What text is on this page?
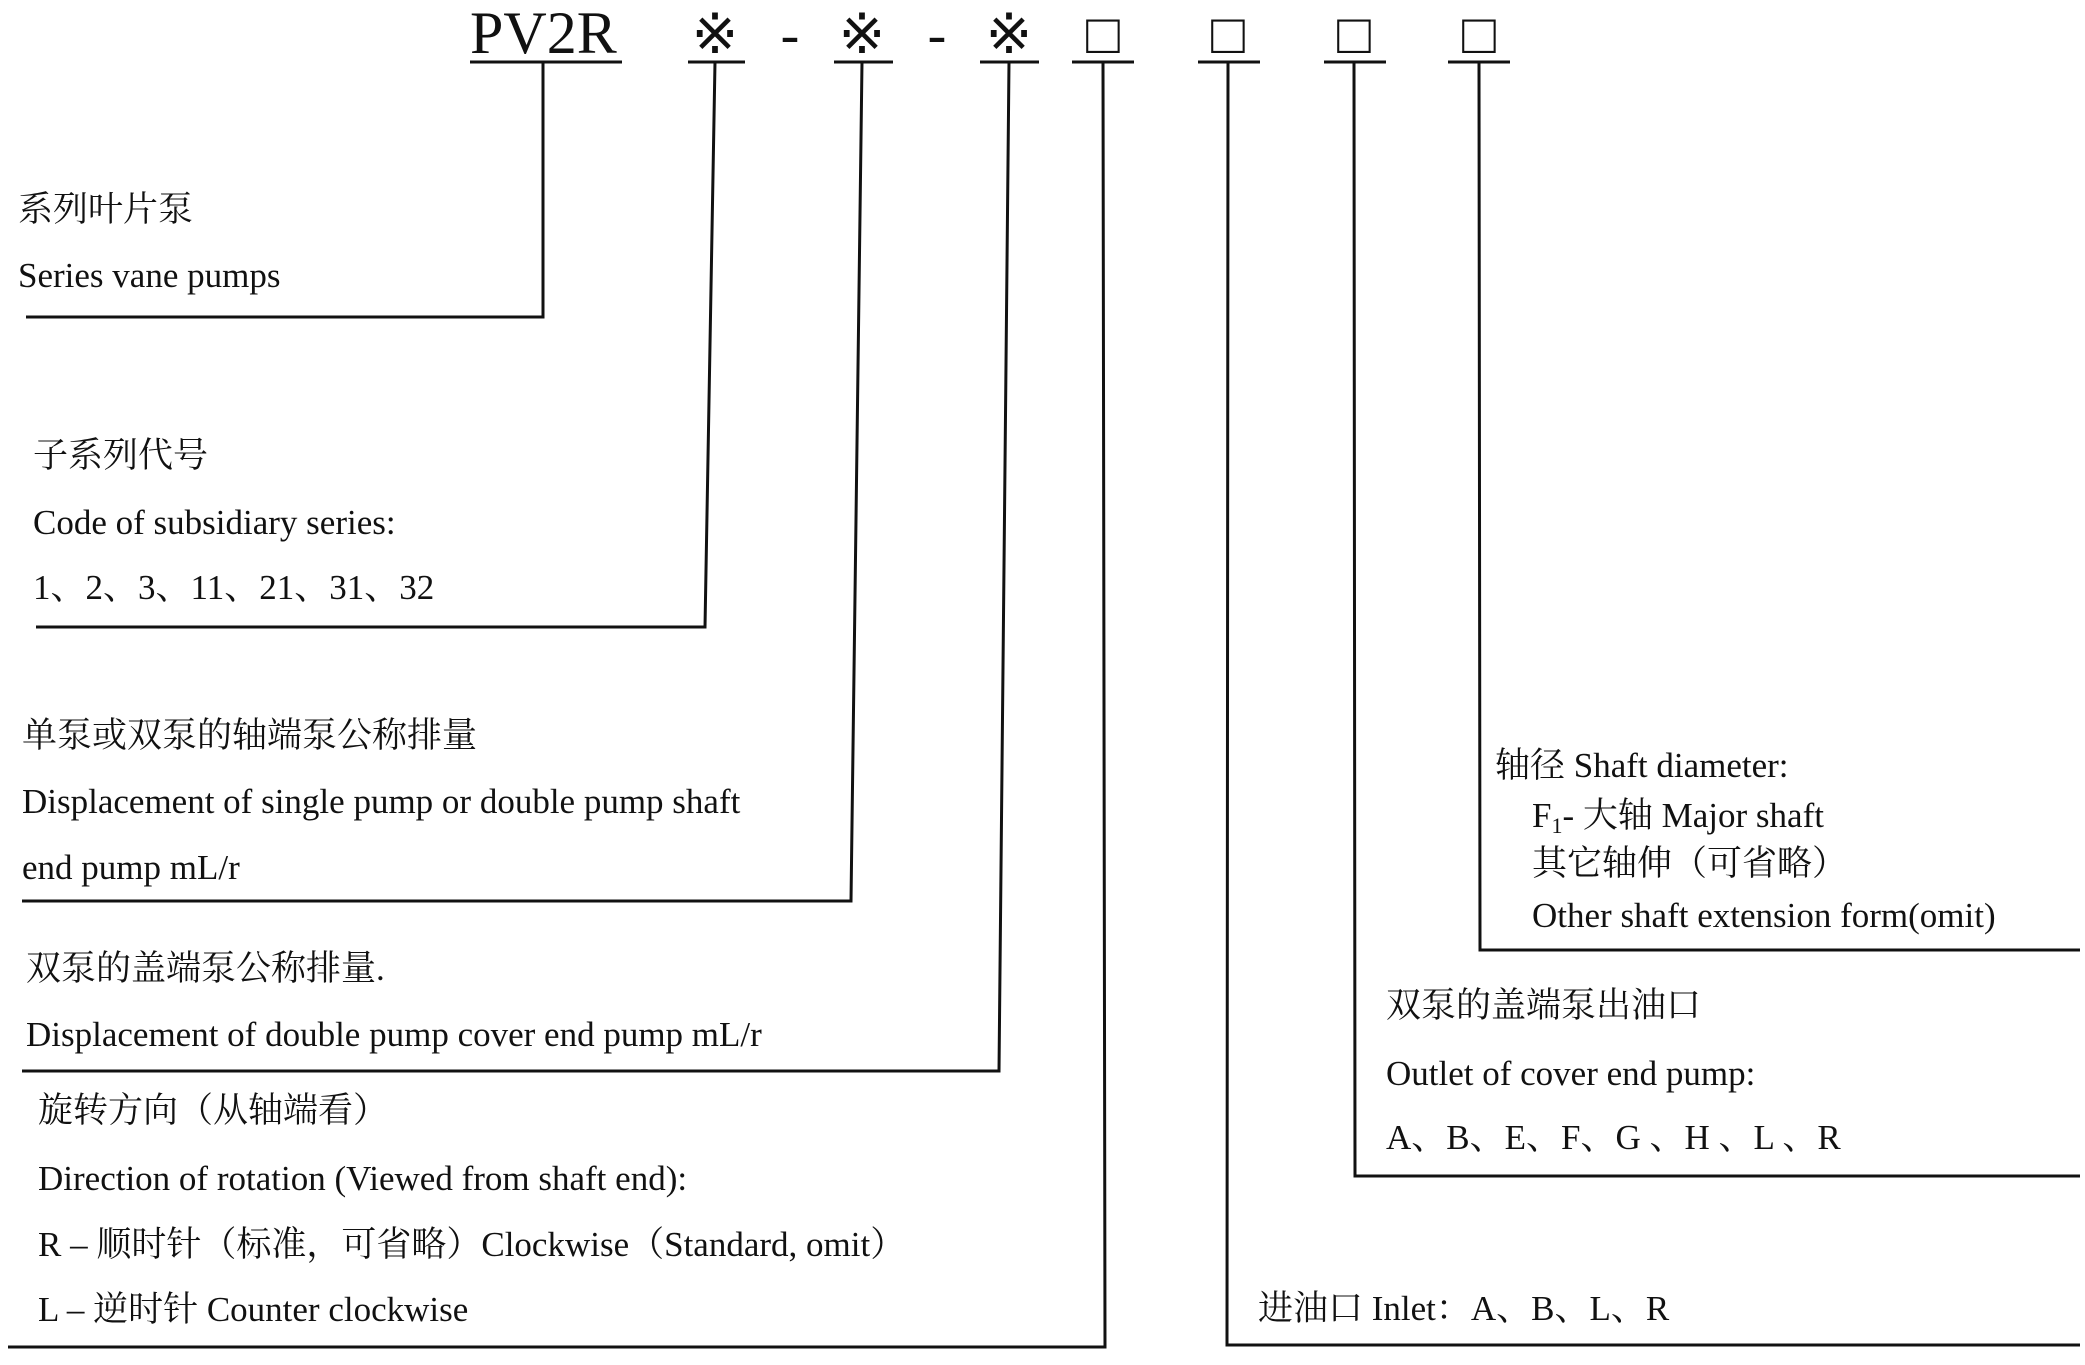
PV2R ※ - ※ - ※ □ □ □ □
系列叶片泵
Series vane pumps
子系列代号
Code of subsidiary series:
1、2、3、11、21、31、32
单泵或双泵的轴端泵公称排量
Displacement of single pump or double pump shaft
end pump mL/r
双泵的盖端泵公称排量.
Displacement of double pump cover end pump mL/r
旋转方向（从轴端看）
Direction of rotation (Viewed from shaft end):
R – 顺时针（标准，可省略）Clockwise（Standard, omit）
L – 逆时针 Counter clockwise	进油口 Inlet：A、B、L、R
双泵的盖端泵出油口
Outlet of cover end pump:
A、B、E、F、G 、H 、L 、R
轴径 Shaft diameter:
$F_1-$ 大轴 Major shaft
其它轴伸（可省略）
Other shaft extension form(omit)
